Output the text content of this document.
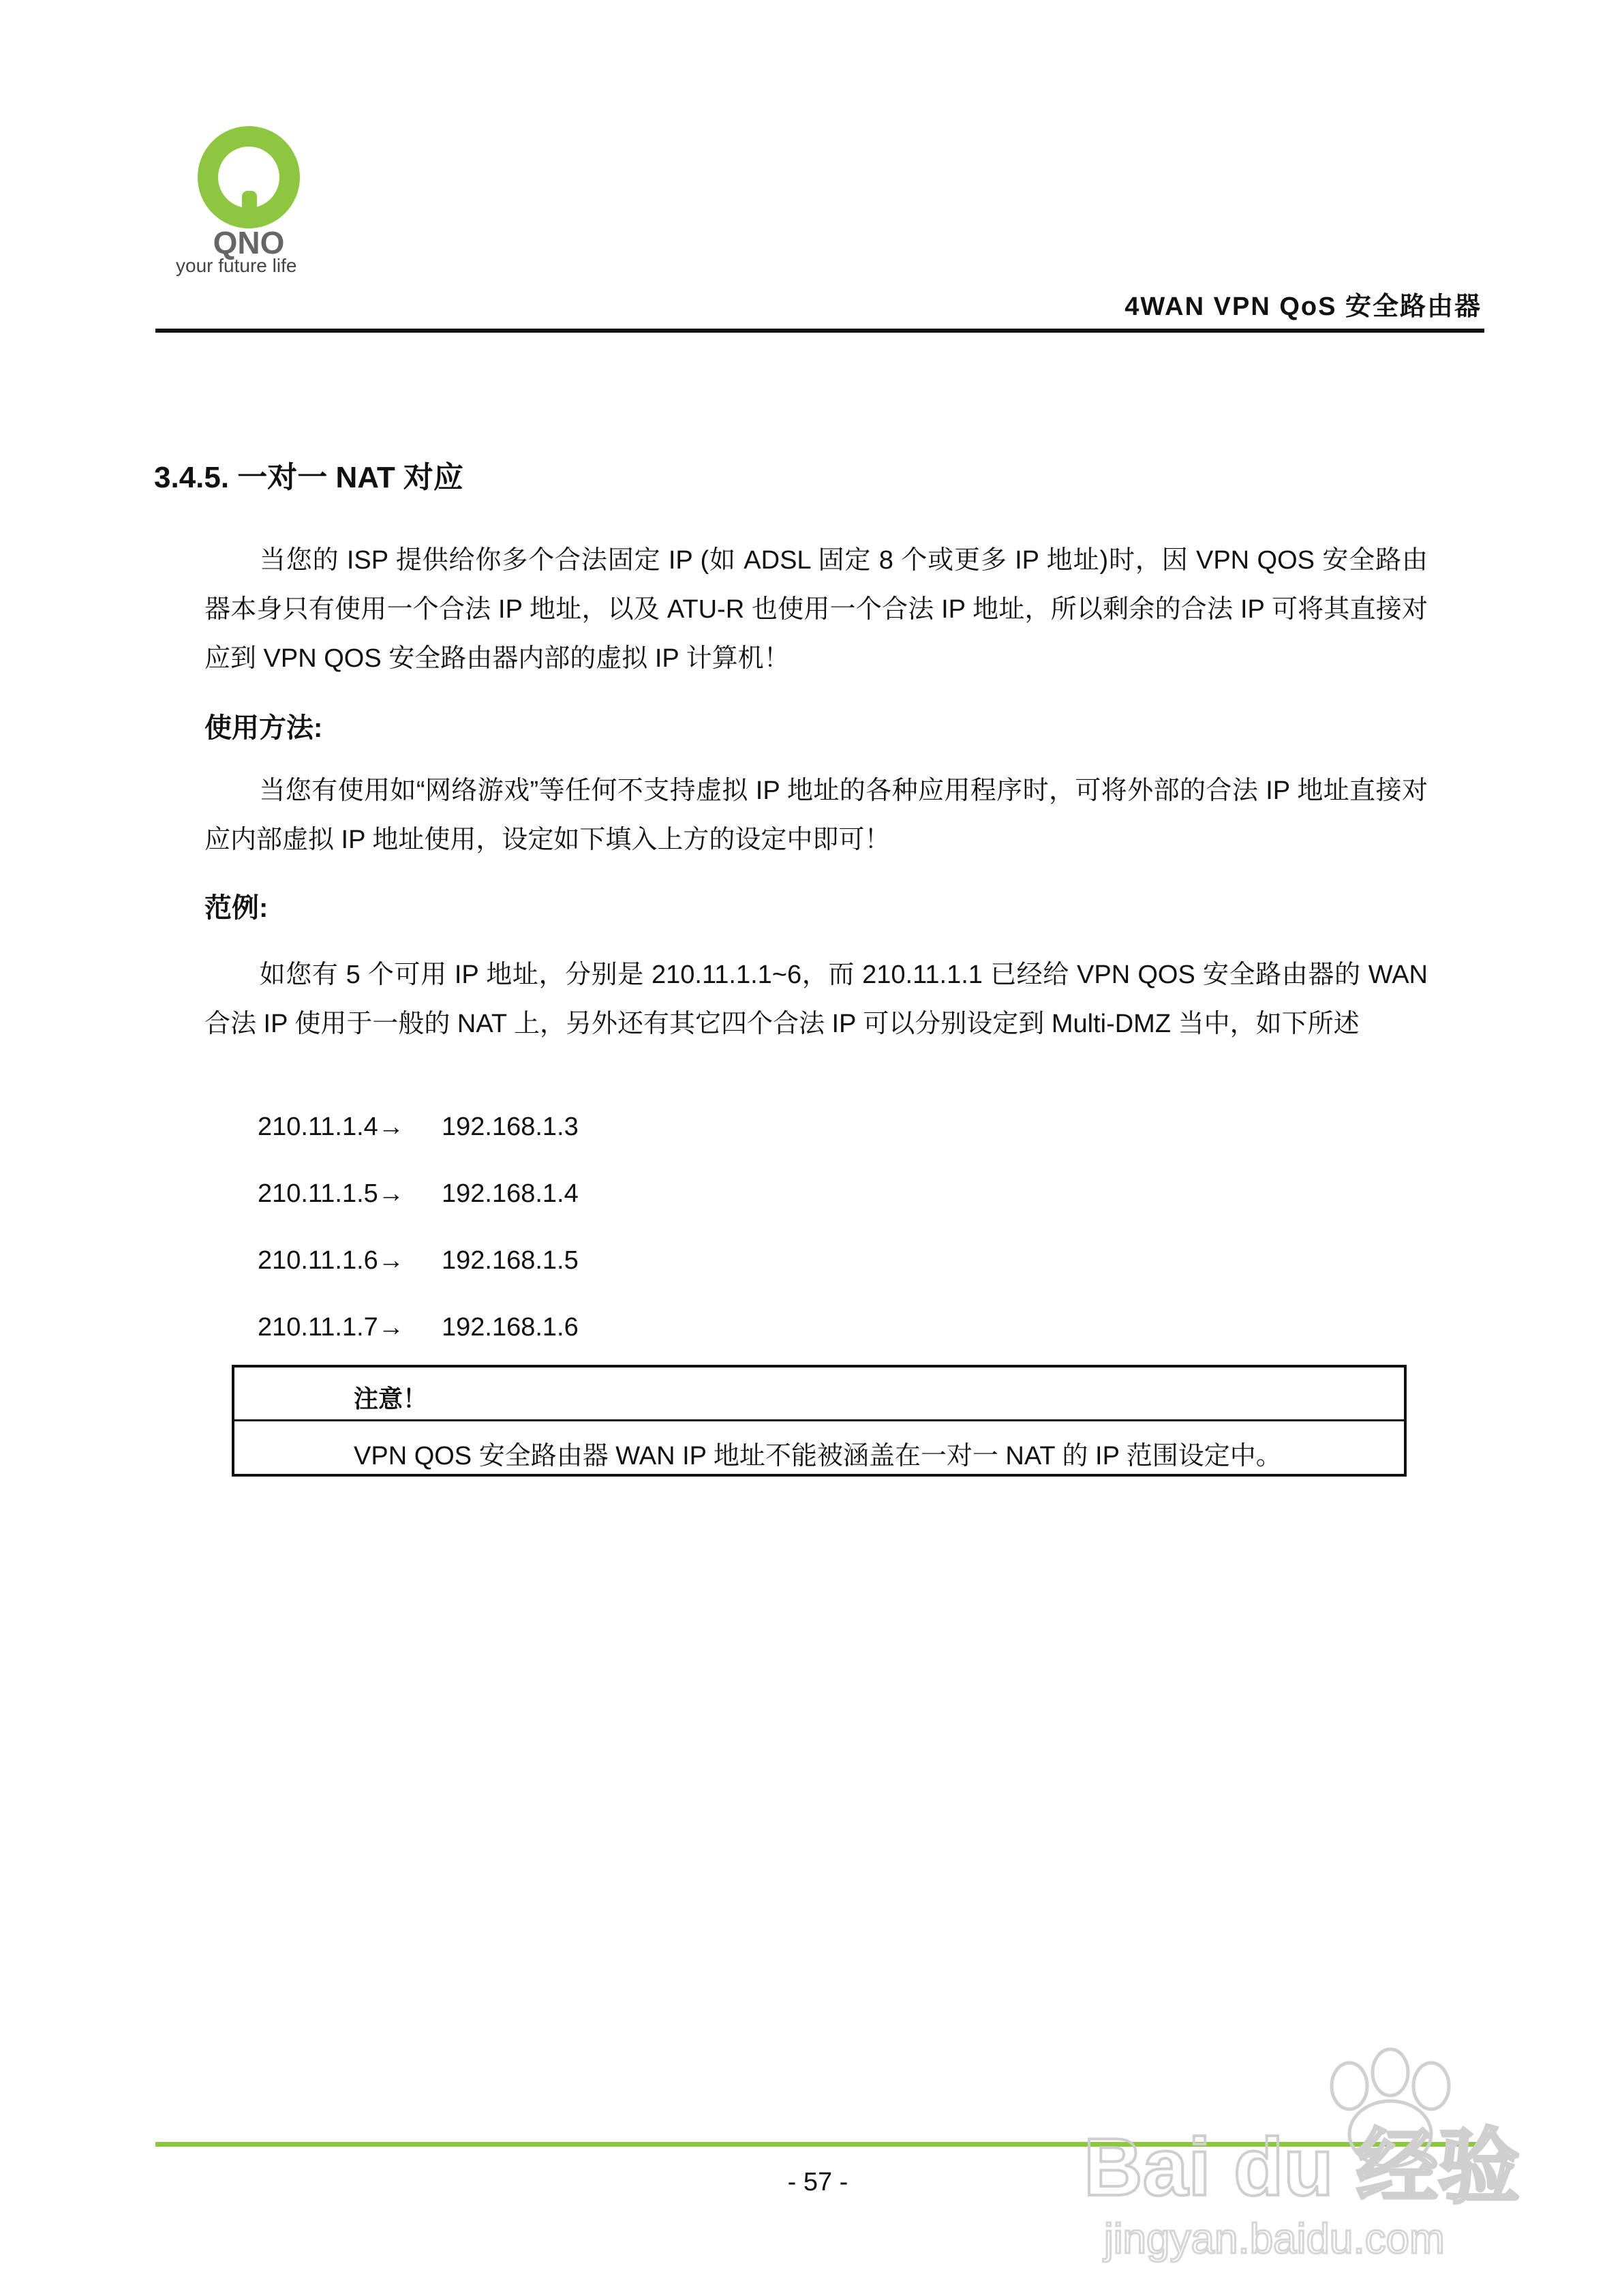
QNO
your future life
4WAN VPN QoS 安全路由器
3.4.5. 一对一 NAT 对应
当您的 ISP 提供给你多个合法固定 IP (如 ADSL 固定 8 个或更多 IP 地址)时，因 VPN QOS 安全路由器本身只有使用一个合法 IP 地址，以及 ATU-R 也使用一个合法 IP 地址，所以剩余的合法 IP 可将其直接对应到 VPN QOS 安全路由器内部的虚拟 IP 计算机！
使用方法:
当您有使用如“网络游戏”等任何不支持虚拟 IP 地址的各种应用程序时，可将外部的合法 IP 地址直接对应内部虚拟 IP 地址使用，设定如下填入上方的设定中即可！
范例:
如您有 5 个可用 IP 地址，分别是 210.11.1.1~6，而 210.11.1.1 已经给 VPN QOS 安全路由器的 WAN 合法 IP 使用于一般的 NAT 上，另外还有其它四个合法 IP 可以分别设定到 Multi-DMZ 当中，如下所述
210.11.1.4→ 192.168.1.3
210.11.1.5→ 192.168.1.4
210.11.1.6→ 192.168.1.5
210.11.1.7→ 192.168.1.6
注意！
VPN QOS 安全路由器 WAN IP 地址不能被涵盖在一对一 NAT 的 IP 范围设定中。
- 57 -	Bai du 经验
jingyan.baidu.com
